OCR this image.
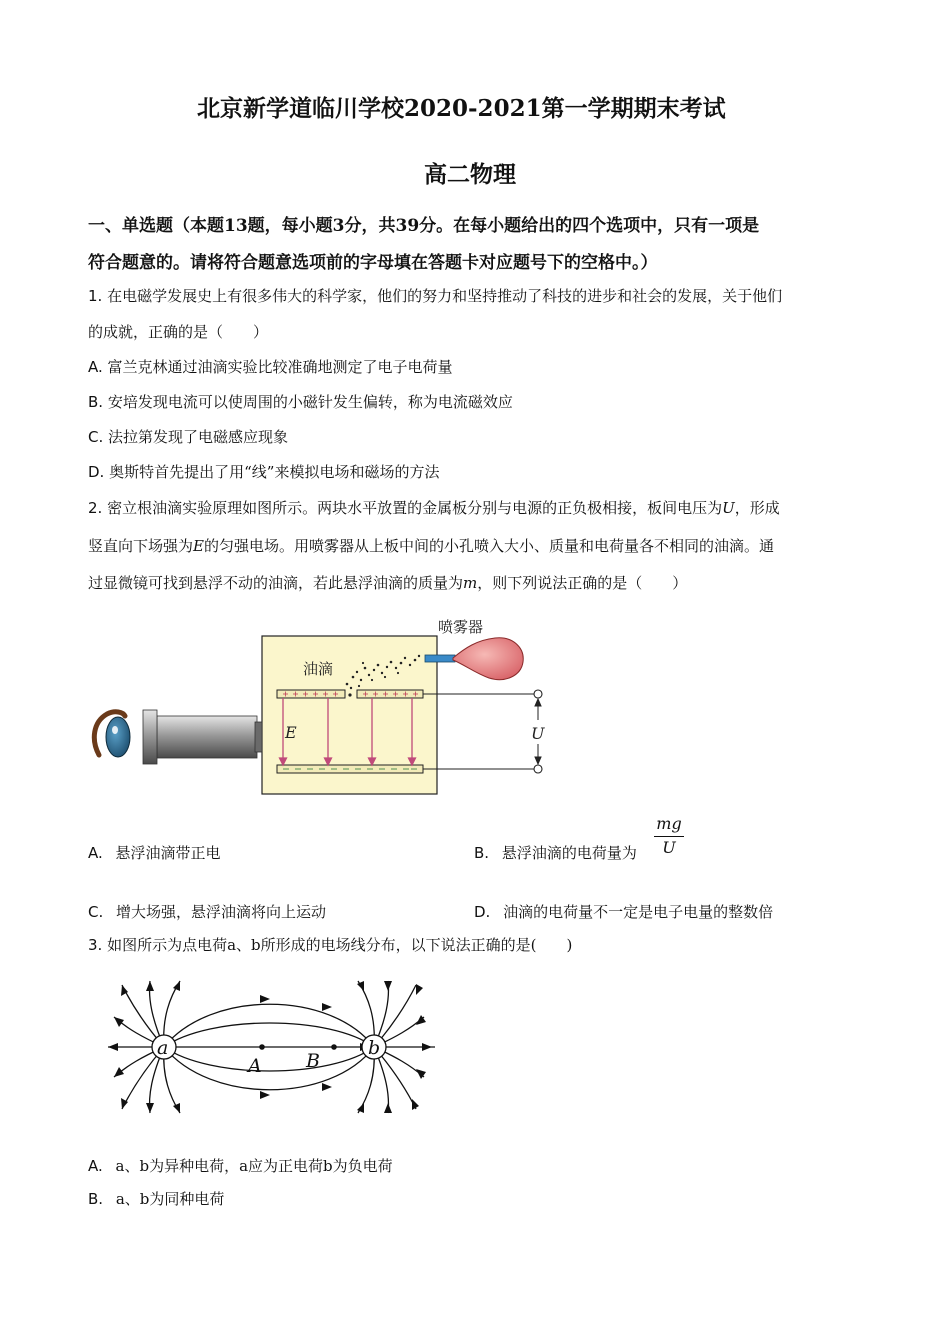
北京新学道临川学校2020-2021第一学期期末考试
高二物理
一、单选题（本题13题，每小题3分，共39分。在每小题给出的四个选项中，只有一项是
符合题意的。请将符合题意选项前的字母填在答题卡对应题号下的空格中。）
1. 在电磁学发展史上有很多伟大的科学家，他们的努力和坚持推动了科技的进步和社会的发展，关于他们
的成就，正确的是（　　）
A. 富兰克林通过油滴实验比较准确地测定了电子电荷量
B. 安培发现电流可以使周围的小磁针发生偏转，称为电流磁效应
C. 法拉第发现了电磁感应现象
D. 奥斯特首先提出了用“线”来模拟电场和磁场的方法
2. 密立根油滴实验原理如图所示。两块水平放置的金属板分别与电源的正负极相接，板间电压为U，形成
竖直向下场强为E的匀强电场。用喷雾器从上板中间的小孔喷入大小、质量和电荷量各不相同的油滴。通
过显微镜可找到悬浮不动的油滴，若此悬浮油滴的质量为m，则下列说法正确的是（　　）
E	U
喷雾器
油滴
A. 悬浮油滴带正电	B. 悬浮油滴的电荷量为 $\frac{mg}{U}$
C. 增大场强，悬浮油滴将向上运动	D. 油滴的电荷量不一定是电子电量的整数倍
3. 如图所示为点电荷a、b所形成的电场线分布，以下说法正确的是(　　)
a	b
A B
A. a、b为异种电荷，a应为正电荷b为负电荷
B. a、b为同种电荷
